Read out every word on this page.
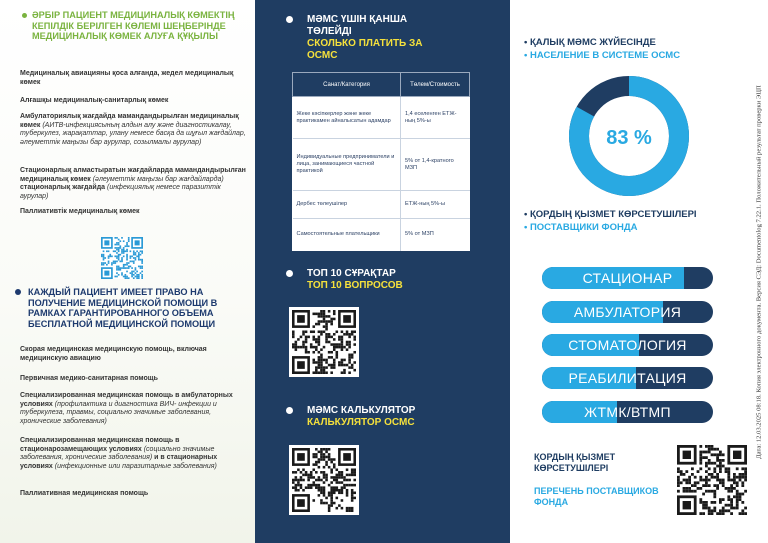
ӘРБІР ПАЦИЕНТ МЕДИЦИНАЛЫҚ КӨМЕКТІҢ КЕПІЛДІК БЕРІЛГЕН КӨЛЕМІ ШЕҢБЕРІНДЕ МЕДИЦИНАЛЫҚ КӨМЕК АЛУҒА ҚҰҚЫЛЫ
Медициналық авиацияны қоса алғанда, жедел медициналық көмек
Алғашқы медициналық-санитарлық көмек
Амбулаториялық жағдайда мамандандырылған медициналық көмек (АИТВ-инфекциясының алдын алу және диагностикалау, туберкулез, жарақаттар, улану немесе басқа да шұғыл жағдайлар, әлеуметтік маңызы бар аурулар, созылмалы аурулар)
Стационарлық алмастыратын жағдайларда мамандандырылған медициналық көмек (әлеуметтік маңызы бар жағдайларда) стационарлық жағдайда (инфекциялық немесе паразиттік аурулар)
Паллиативтік медициналық көмек
КАЖДЫЙ ПАЦИЕНТ ИМЕЕТ ПРАВО НА ПОЛУЧЕНИЕ МЕДИЦИНСКОЙ ПОМОЩИ В РАМКАХ ГАРАНТИРОВАННОГО ОБЪЕМА БЕСПЛАТНОЙ МЕДИЦИНСКОЙ ПОМОЩИ
Скорая медицинская медицинскую помощь, включая медицинскую авиацию
Первичная медико-санитарная помощь
Специализированная медицинская помощь в амбулаторных условиях (профилактика и диагностика ВИЧ- инфекции и туберкулеза, травмы, социально значимые заболевания, хронические заболевания)
Специализированная медицинская помощь в стационарозамещающих условиях (социально значимые заболевания, хронические заболевания) и в стационарных условиях (инфекционные или паразитарные заболевания)
Паллиативная медицинская помощь
МӘМС ҮШІН ҚАНША ТӨЛЕЙДІ
СКОЛЬКО ПЛАТИТЬ ЗА ОСМС
Санат/Категория	Төлем/Стоимость
Жеке кәсіпкерлер және жеке практикамен айналысатын адамдар	1,4 еселенген ЕТЖ-ның 5%-ы
Индивидуальные предприниматели и лица, занимающиеся частной практикой	5% от 1,4-кратного МЗП
Дербес төлеушілер	ЕТЖ-ның 5%-ы
Самостоятельные плательщики	5% от МЗП
ТОП 10 СҰРАҚТАР
ТОП 10 ВОПРОСОВ
МӘМС КАЛЬКУЛЯТОР
КАЛЬКУЛЯТОР ОСМС
• ҚАЛЫҚ МӘМС ЖҮЙЕСІНДЕ
• НАСЕЛЕНИЕ В СИСТЕМЕ ОСМС
83 %
• ҚОРДЫҢ ҚЫЗМЕТ КӨРСЕТУШІЛЕРІ
• ПОСТАВЩИКИ ФОНДА
СТАЦИОНАР
АМБУЛАТОРИЯ
СТОМАТОЛОГИЯ
РЕАБИЛИТАЦИЯ
ЖТМК/ВТМП
ҚОРДЫҢ ҚЫЗМЕТ КӨРСЕТУШІЛЕРІ
ПЕРЕЧЕНЬ ПОСТАВЩИКОВ ФОНДА
Дата: 12.03.2025 08:18. Копия электронного документа. Версия СЭД: Documentolog 7.22.1. Положительный результат проверки ЭЦП
